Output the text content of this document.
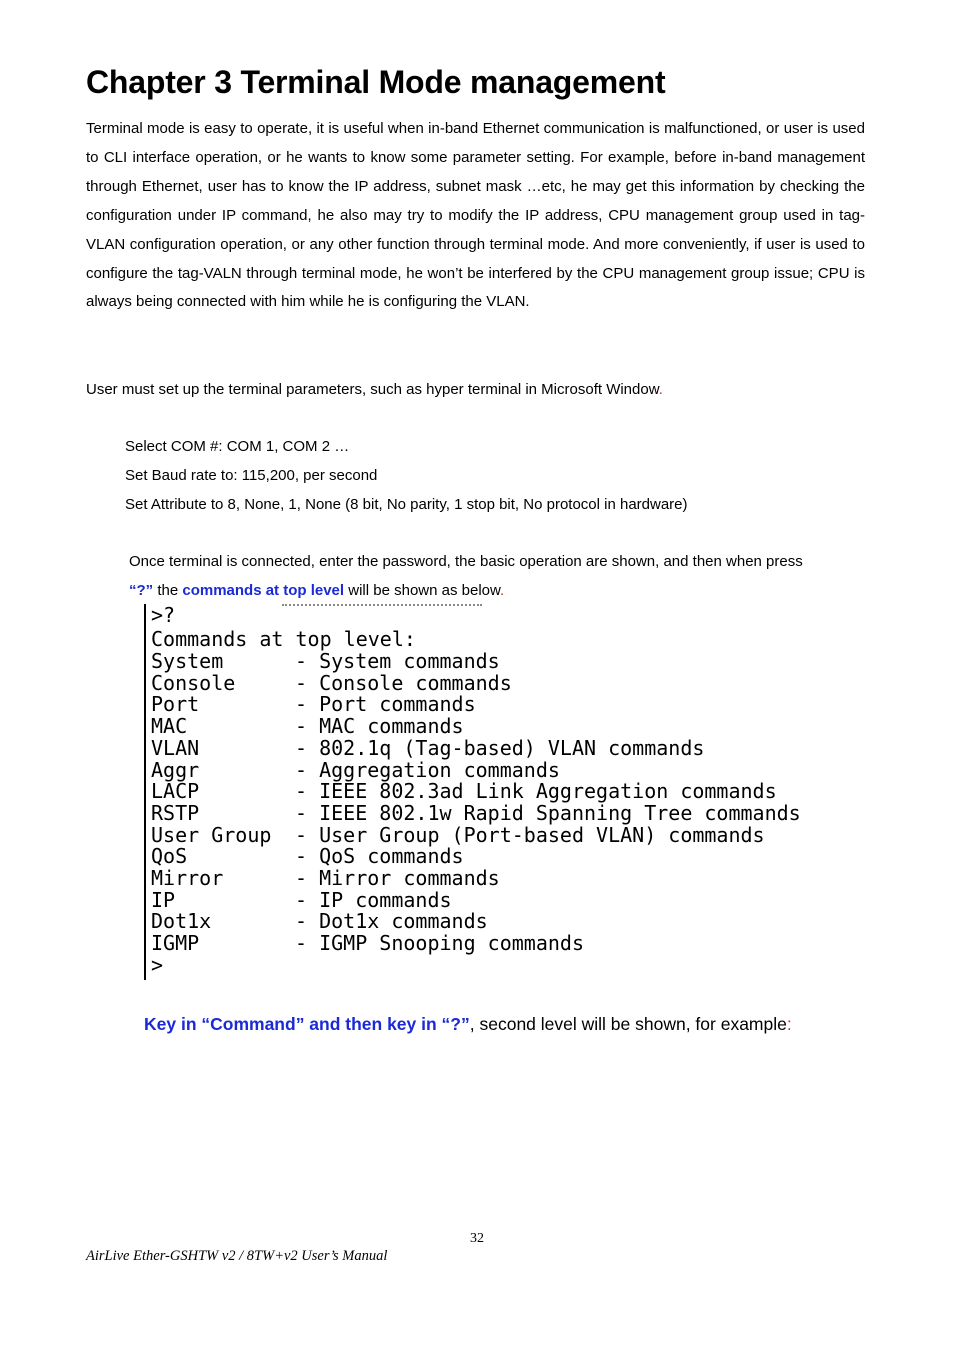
Chapter 3 Terminal Mode management

Terminal mode is easy to operate, it is useful when in-band Ethernet communication is malfunctioned, or user is used to CLI interface operation, or he wants to know some parameter setting. For example, before in-band management through Ethernet, user has to know the IP address, subnet mask …etc, he may get this information by checking the configuration under IP command, he also may try to modify the IP address, CPU management group used in tag-VLAN configuration operation, or any other function through terminal mode. And more conveniently, if user is used to configure the tag-VALN through terminal mode, he won’t be interfered by the CPU management group issue; CPU is always being connected with him while he is configuring the VLAN.

User must set up the terminal parameters, such as hyper terminal in Microsoft Window.

Select COM #: COM 1, COM 2 …
Set Baud rate to: 115,200, per second
Set Attribute to 8, None, 1, None (8 bit, No parity, 1 stop bit, No protocol in hardware)

Once terminal is connected, enter the password, the basic operation are shown, and then when press

“?” the commands at top level will be shown as below.

>?
Commands at top level:
System	- System commands
Console	- Console commands
Port	- Port commands
MAC	- MAC commands
VLAN	- 802.1q (Tag-based) VLAN commands
Aggr	- Aggregation commands
LACP	- IEEE 802.3ad Link Aggregation commands
RSTP	- IEEE 802.1w Rapid Spanning Tree commands
User Group - User Group (Port-based VLAN) commands
QoS	- QoS commands
Mirror	- Mirror commands
IP	- IP commands
Dot1x	- Dot1x commands
IGMP	- IGMP Snooping commands
>

Key in “Command” and then key in “?”, second level will be shown, for example:

32
AirLive Ether-GSHTW v2 / 8TW+v2 User’s Manual
